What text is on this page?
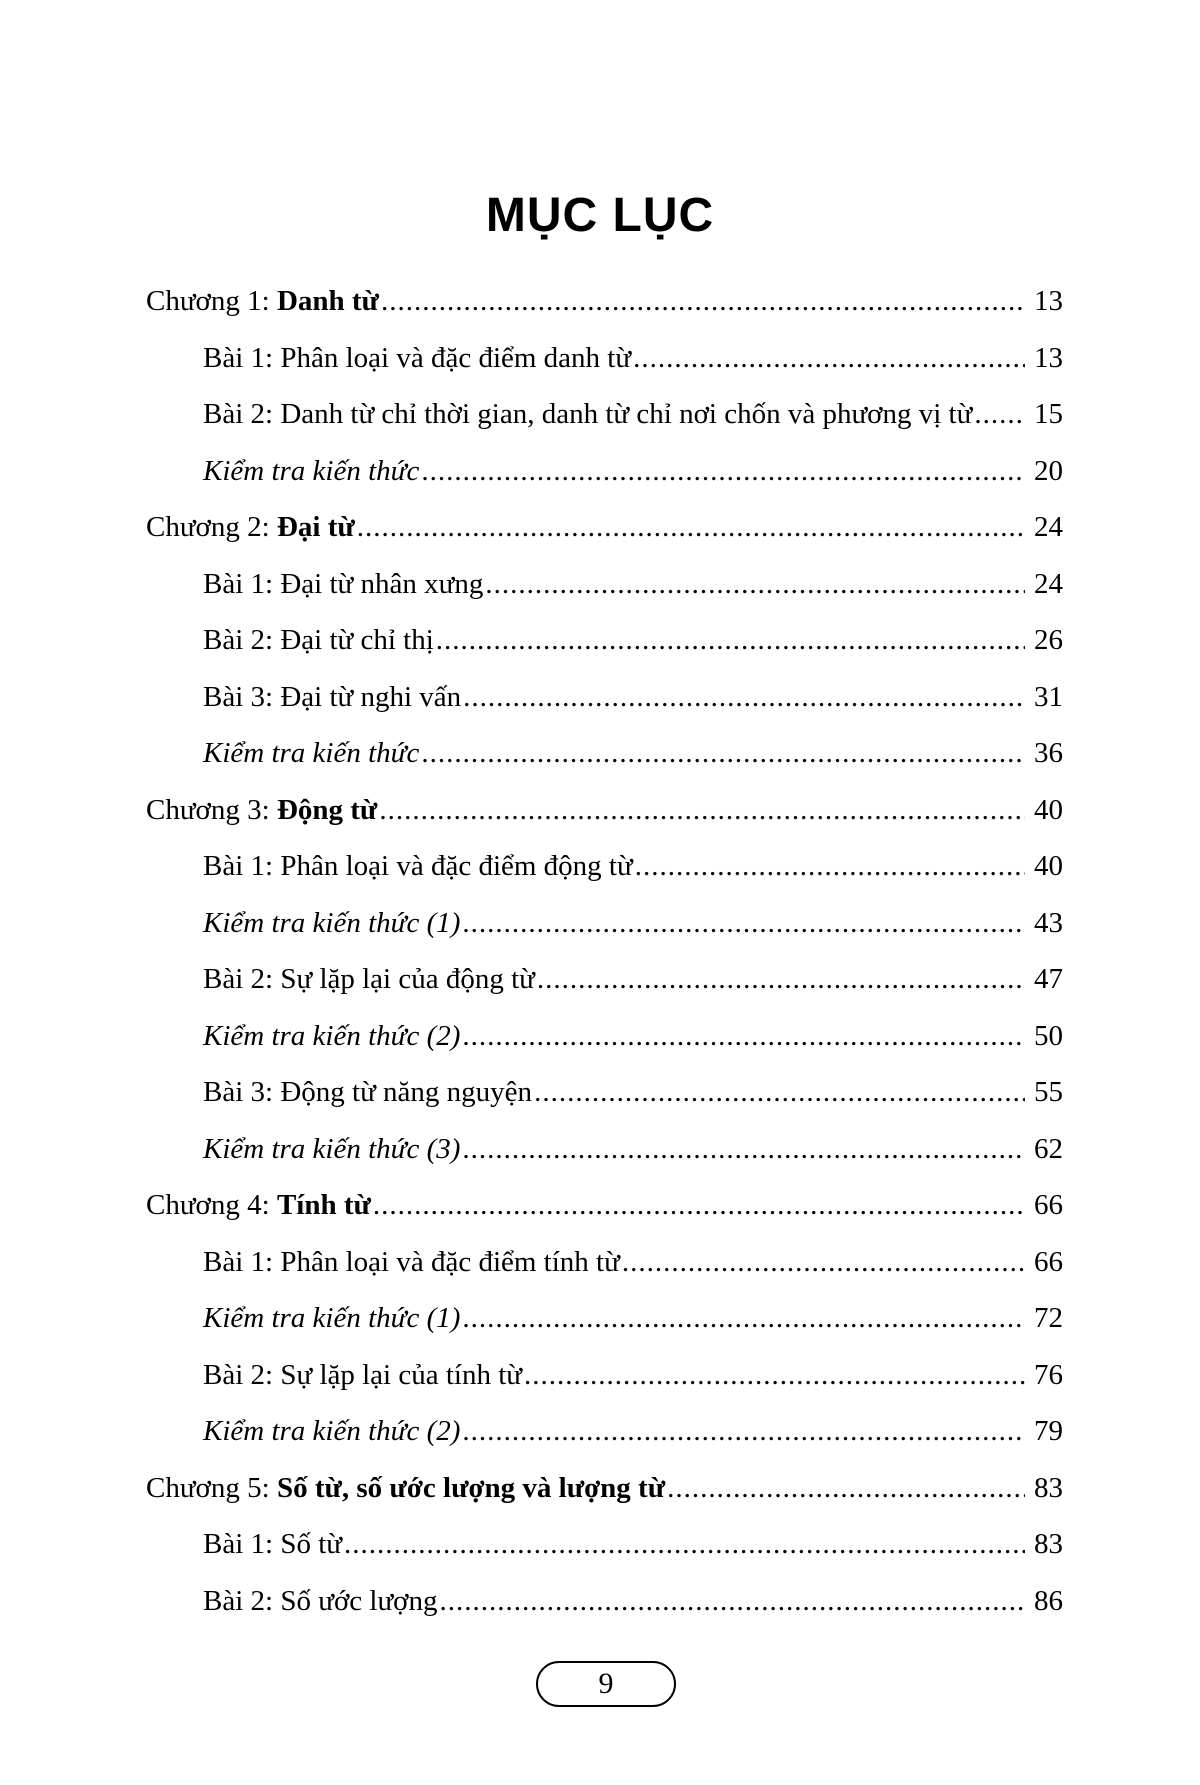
MỤC LỤC
Chương 1: Danh từ .....	13
Bài 1: Phân loại và đặc điểm danh từ .....	13
Bài 2: Danh từ chỉ thời gian, danh từ chỉ nơi chốn và phương vị từ ..... 15
Kiểm tra kiến thức .....	20
Chương 2: Đại từ .....	24
Bài 1: Đại từ nhân xưng .....	24
Bài 2: Đại từ chỉ thị .....	26
Bài 3: Đại từ nghi vấn .....	31
Kiểm tra kiến thức .....	36
Chương 3: Động từ .....	40
Bài 1: Phân loại và đặc điểm động từ .....	40
Kiểm tra kiến thức (1) .....	43
Bài 2: Sự lặp lại của động từ .....	47
Kiểm tra kiến thức (2) .....	50
Bài 3: Động từ năng nguyện .....	55
Kiểm tra kiến thức (3) .....	62
Chương 4: Tính từ .....	66
Bài 1: Phân loại và đặc điểm tính từ .....	66
Kiểm tra kiến thức (1) .....	72
Bài 2: Sự lặp lại của tính từ .....	76
Kiểm tra kiến thức (2) .....	79
Chương 5: Số từ, số ước lượng và lượng từ .....	83
Bài 1: Số từ .....	83
Bài 2: Số ước lượng .....	86
9
